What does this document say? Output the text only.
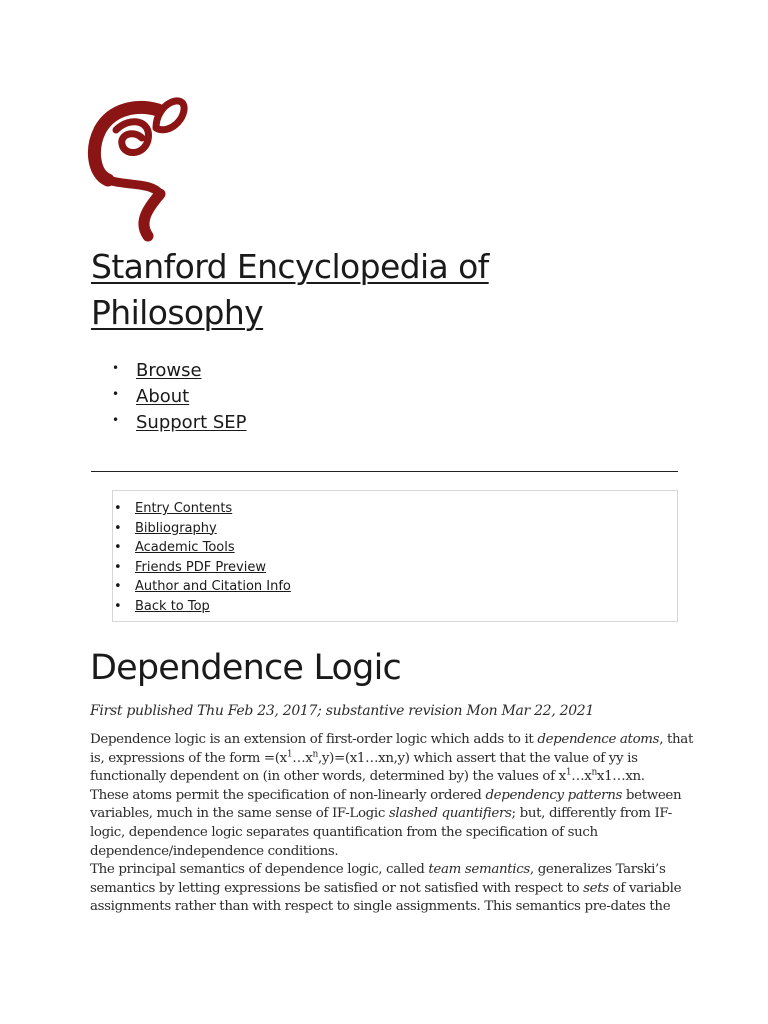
Stanford Encyclopedia of
Philosophy
• Browse
• About
• Support SEP
• Entry Contents
• Bibliography
• Academic Tools
• Friends PDF Preview
• Author and Citation Info
• Back to Top
Dependence Logic

First published Thu Feb 23, 2017; substantive revision Mon Mar 22, 2021

Dependence logic is an extension of first-order logic which adds to it dependence atoms, that
is, expressions of the form $=(x^1\dots x^n,y)=(x1\dots xn,y)$ which assert that the value of yy is
functionally dependent on (in other words, determined by) the values of $x^1\dots x^nx1\dots xn$.
These atoms permit the specification of non-linearly ordered dependency patterns between
variables, much in the same sense of IF-Logic slashed quantifiers; but, differently from IF-
logic, dependence logic separates quantification from the specification of such
dependence/independence conditions.

The principal semantics of dependence logic, called team semantics, generalizes Tarski’s
semantics by letting expressions be satisfied or not satisfied with respect to sets of variable
assignments rather than with respect to single assignments. This semantics pre-dates the
